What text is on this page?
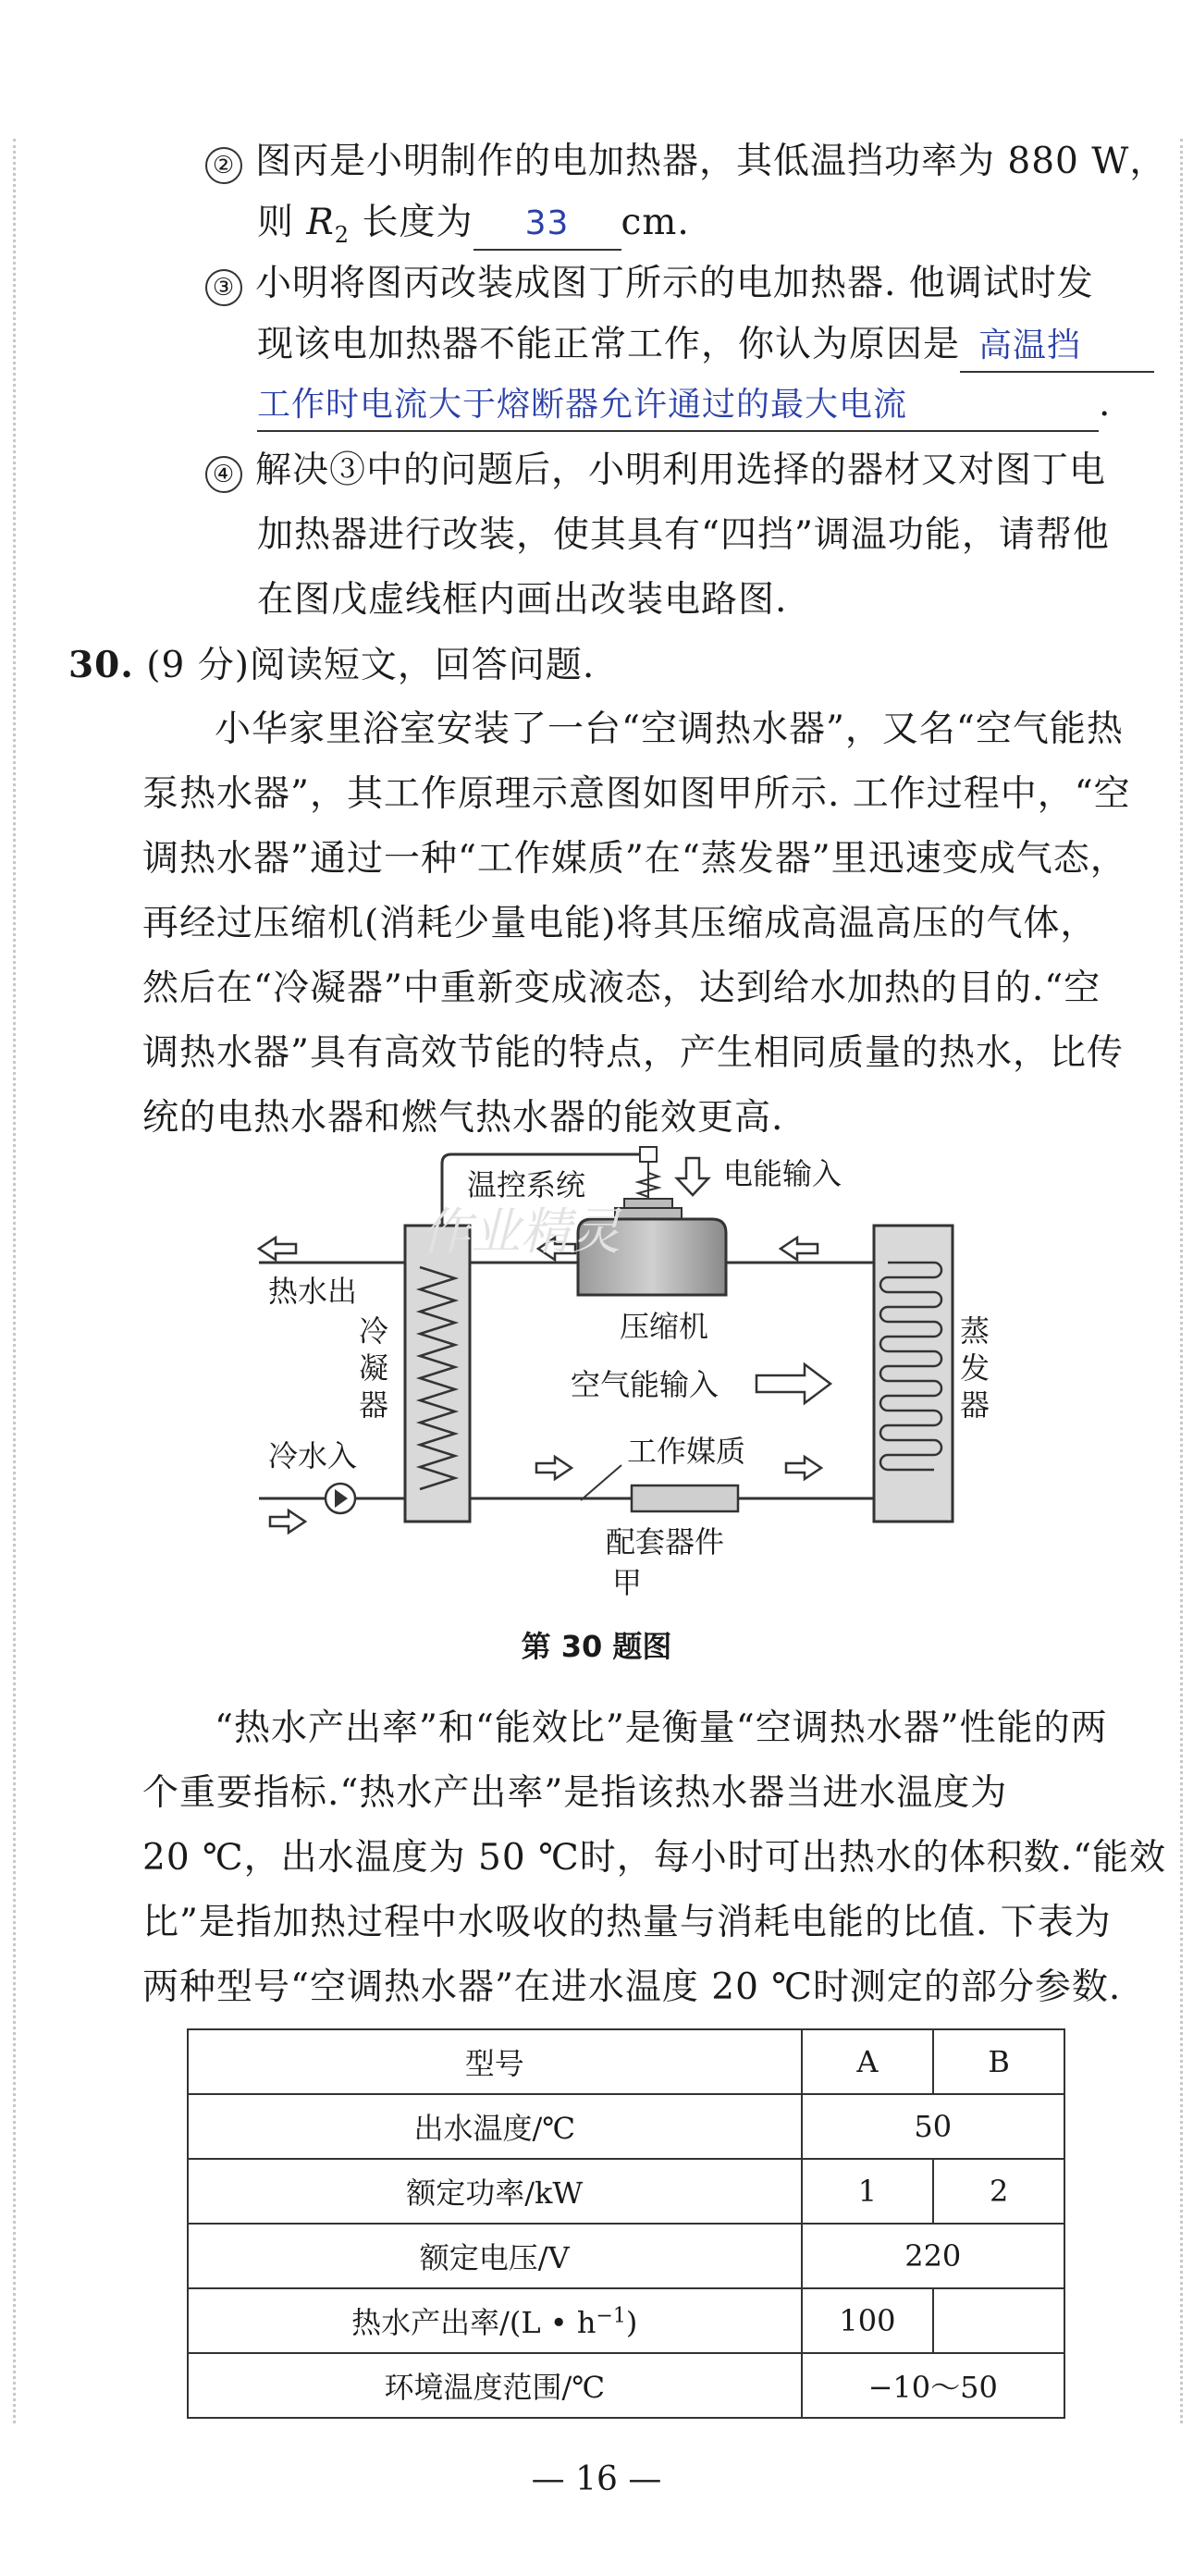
② 图丙是小明制作的电加热器，其低温挡功率为 880 W，
则 $R_2$ 长度为 33 cm.
③ 小明将图丙改装成图丁所示的电加热器. 他调试时发
现该电加热器不能正常工作，你认为原因是 高温挡
工作时电流大于熔断器允许通过的最大电流	.
④ 解决③中的问题后，小明利用选择的器材又对图丁电
加热器进行改装，使其具有“四挡”调温功能，请帮他
在图戊虚线框内画出改装电路图.
30. (9 分)阅读短文，回答问题.
小华家里浴室安装了一台“空调热水器”，又名“空气能热
泵热水器”，其工作原理示意图如图甲所示. 工作过程中，“空
调热水器”通过一种“工作媒质”在“蒸发器”里迅速变成气态，
再经过压缩机(消耗少量电能)将其压缩成高温高压的气体，
然后在“冷凝器”中重新变成液态，达到给水加热的目的.“空
调热水器”具有高效节能的特点，产生相同质量的热水，比传
统的电热水器和燃气热水器的能效更高.
温控系统	电能输入
热水出
冷
凝
器
压缩机	蒸
发
器
空气能输入
冷水入	工作媒质
配套器件
甲
作业精灵
第 30 题图
“热水产出率”和“能效比”是衡量“空调热水器”性能的两
个重要指标.“热水产出率”是指该热水器当进水温度为
20 ℃，出水温度为 50 ℃时，每小时可出热水的体积数.“能效
比”是指加热过程中水吸收的热量与消耗电能的比值. 下表为
两种型号“空调热水器”在进水温度 20 ℃时测定的部分参数.
型号	A	B
出水温度/℃	50	
额定功率/kW	1	2
额定电压/V	220	
热水产出率/(L • $h^{-1}$)	100	
环境温度范围/℃	−10～50	
— 16 —
